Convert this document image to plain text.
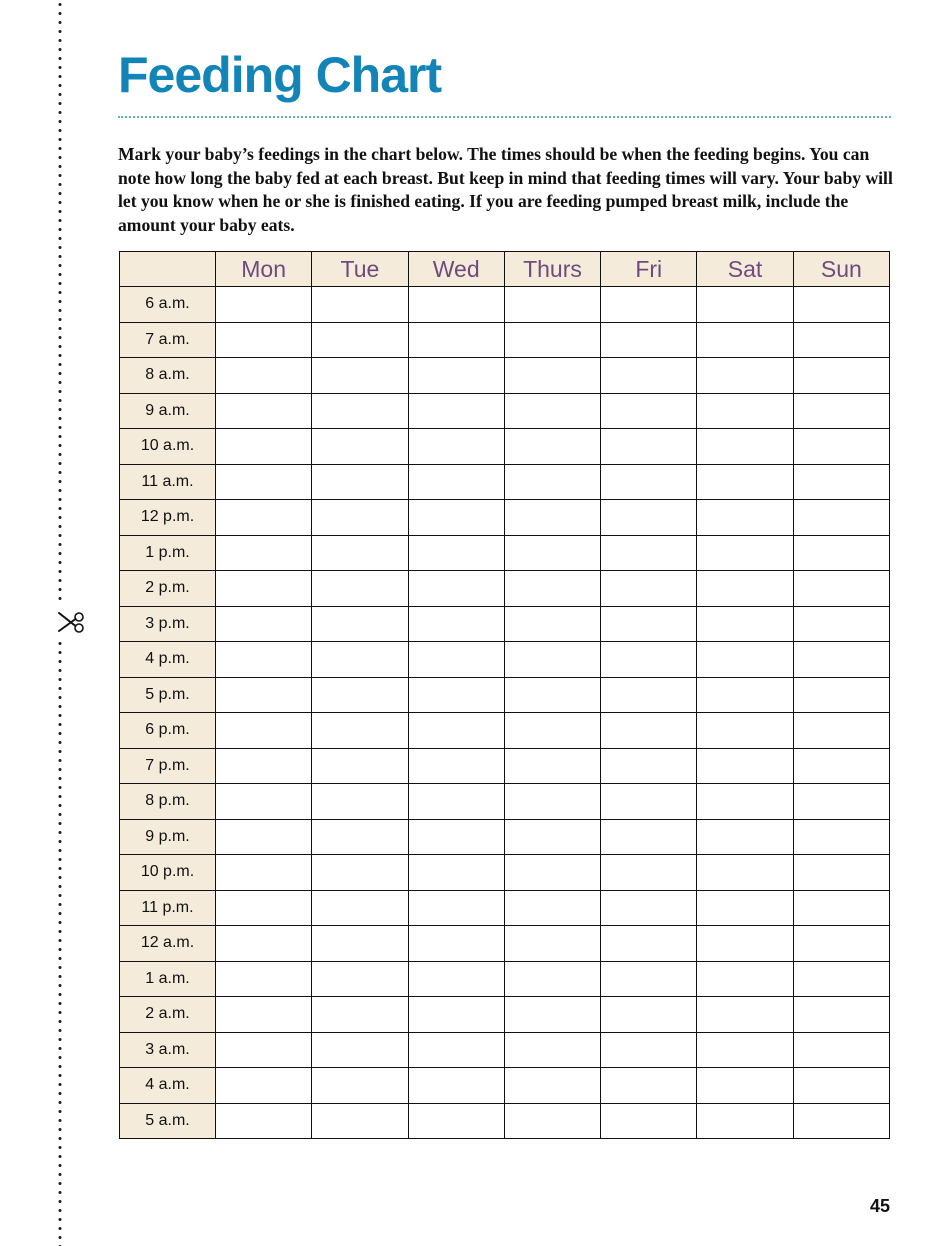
Feeding Chart

Mark your baby’s feedings in the chart below. The times should be when the feeding begins. You can note how long the baby fed at each breast. But keep in mind that feeding times will vary. Your baby will let you know when he or she is finished eating. If you are feeding pumped breast milk, include the amount your baby eats.

	Mon	Tue	Wed	Thurs	Fri	Sat	Sun
6 a.m.							
7 a.m.							
8 a.m.							
9 a.m.							
10 a.m.							
11 a.m.							
12 p.m.							
1 p.m.							
2 p.m.							
3 p.m.							
4 p.m.							
5 p.m.							
6 p.m.							
7 p.m.							
8 p.m.							
9 p.m.							
10 p.m.							
11 p.m.							
12 a.m.							
1 a.m.							
2 a.m.							
3 a.m.							
4 a.m.							
5 a.m.							
45
